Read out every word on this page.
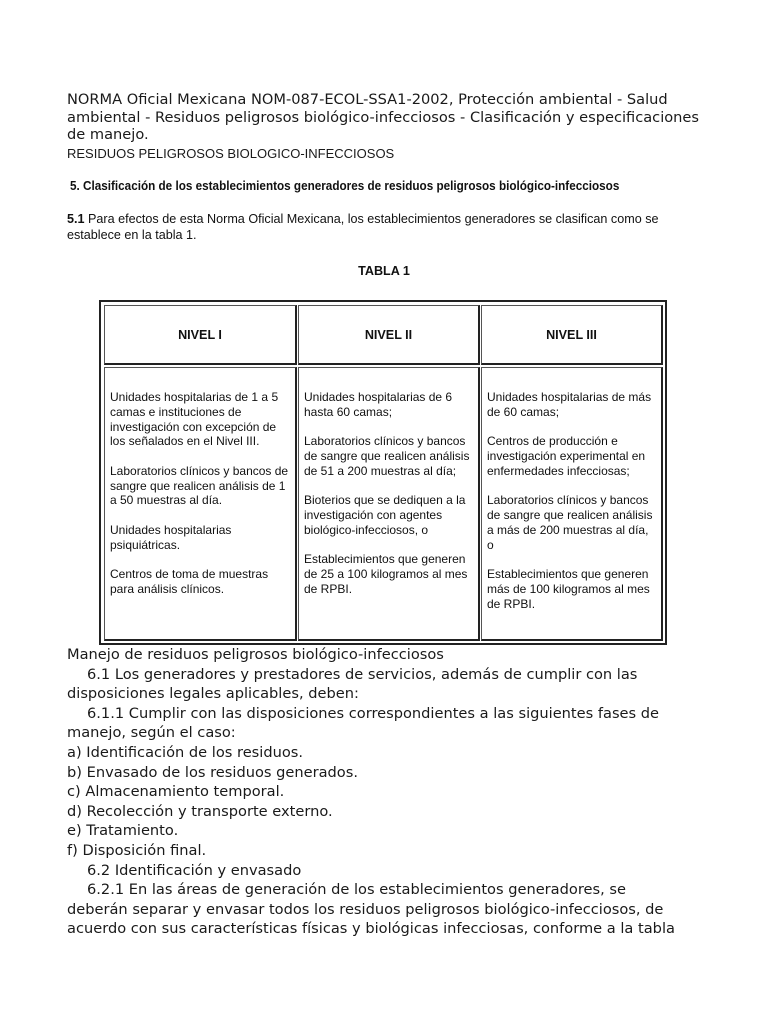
NORMA Oficial Mexicana NOM-087-ECOL-SSA1-2002, Protección ambiental - Salud ambiental - Residuos peligrosos biológico-infecciosos - Clasificación y especificaciones de manejo.
RESIDUOS PELIGROSOS BIOLOGICO-INFECCIOSOS
5. Clasificación de los establecimientos generadores de residuos peligrosos biológico-infecciosos
5.1 Para efectos de esta Norma Oficial Mexicana, los establecimientos generadores se clasifican como se establece en la tabla 1.
TABLA 1
NIVEL I	NIVEL II	NIVEL III

Unidades hospitalarias de 1 a 5 camas e instituciones de investigación con excepción de los señalados en el Nivel III.

Laboratorios clínicos y bancos de sangre que realicen análisis de 1 a 50 muestras al día.

Unidades hospitalarias psiquiátricas.

Centros de toma de muestras para análisis clínicos.

Unidades hospitalarias de 6 hasta 60 camas;

Laboratorios clínicos y bancos de sangre que realicen análisis de 51 a 200 muestras al día;

Bioterios que se dediquen a la investigación con agentes biológico-infecciosos, o

Establecimientos que generen de 25 a 100 kilogramos al mes de RPBI.

Unidades hospitalarias de más de 60 camas;

Centros de producción e investigación experimental en enfermedades infecciosas;

Laboratorios clínicos y bancos de sangre que realicen análisis a más de 200 muestras al día, o

Establecimientos que generen más de 100 kilogramos al mes de RPBI.

Manejo de residuos peligrosos biológico-infecciosos
6.1 Los generadores y prestadores de servicios, además de cumplir con las
disposiciones legales aplicables, deben:
6.1.1 Cumplir con las disposiciones correspondientes a las siguientes fases de
manejo, según el caso:
a) Identificación de los residuos.
b) Envasado de los residuos generados.
c) Almacenamiento temporal.
d) Recolección y transporte externo.
e) Tratamiento.
f) Disposición final.
6.2 Identificación y envasado
6.2.1 En las áreas de generación de los establecimientos generadores, se
deberán separar y envasar todos los residuos peligrosos biológico-infecciosos, de
acuerdo con sus características físicas y biológicas infecciosas, conforme a la tabla
